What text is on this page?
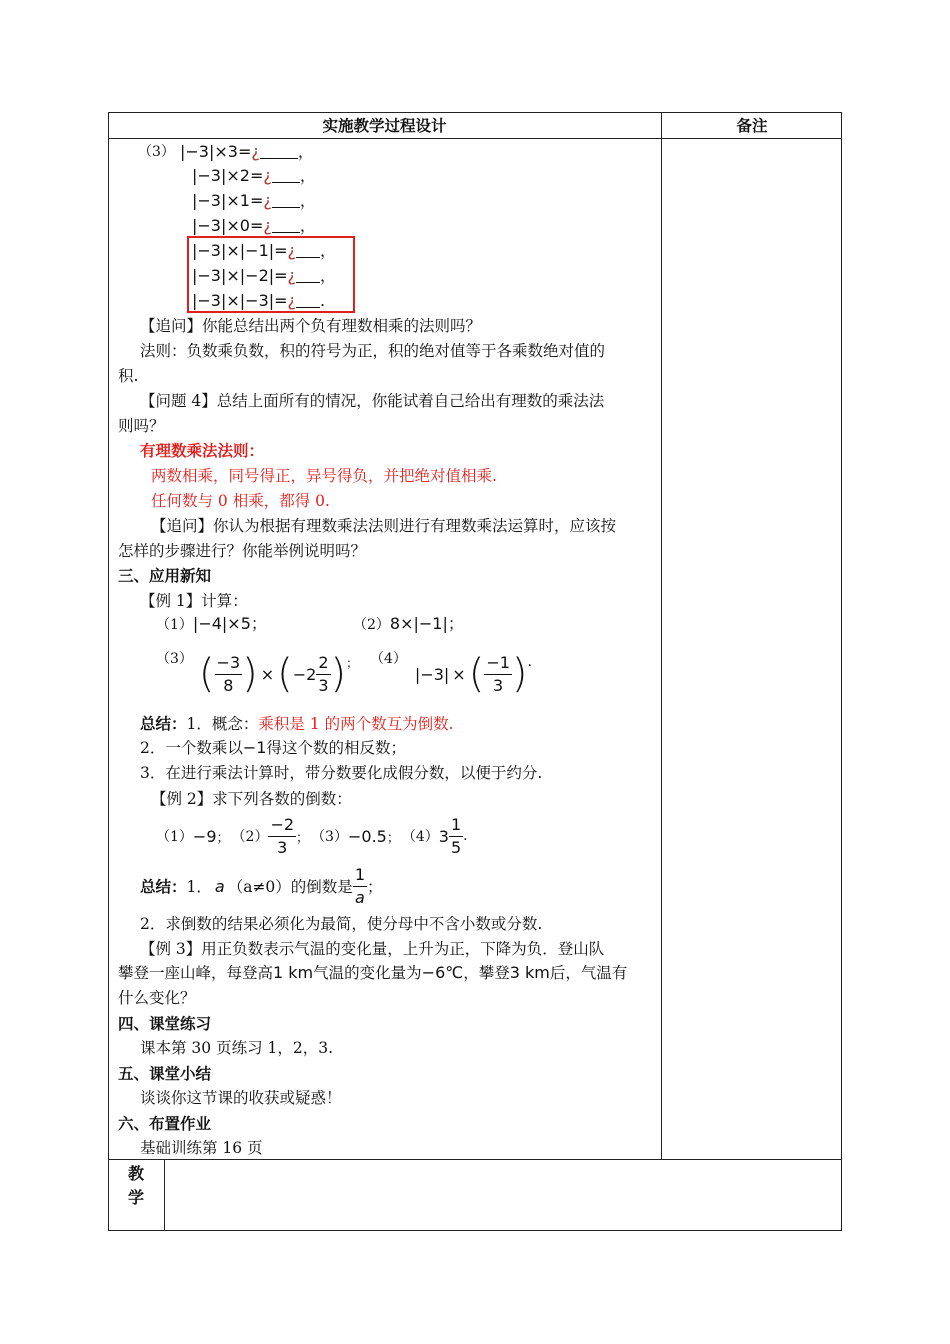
实施教学过程设计	备注
（3） |−3|×3=¿ ，
|−3|×2=¿ ，
|−3|×1=¿ ，
|−3|×0=¿ ，
|−3|×|−1|=¿ ，
|−3|×|−2|=¿ ，
|−3|×|−3|=¿ .
【追问】你能总结出两个负有理数相乘的法则吗？
法则：负数乘负数，积的符号为正，积的绝对值等于各乘数绝对值的
积.
【问题 4】总结上面所有的情况，你能试着自己给出有理数的乘法法
则吗？
有理数乘法法则：
两数相乘，同号得正，异号得负，并把绝对值相乘.
任何数与 0 相乘，都得 0.
【追问】你认为根据有理数乘法法则进行有理数乘法运算时，应该按
怎样的步骤进行？你能举例说明吗？
三、应用新知
【例 1】计算：
（1）|−4|×5；	（2）8×|−1|；
（3） ( $\frac{-3}{8}$ ) × ( $-2 \frac{2}{3}$ ) ； （4）
|−3| × ( $\frac{-1}{3}$ ) .
总结：1．概念：乘积是 1 的两个数互为倒数.
2．一个数乘以−1得这个数的相反数；
3．在进行乘法计算时，带分数要化成假分数，以便于约分.
【例 2】求下列各数的倒数：
（1） −9 ； $(2) \frac{-2}{3}$ ； （3） −0.5 ； （4） $3 \frac{1}{5}$ .
总结： 1． a （a≠0） 的倒数是 $\frac{1}{a}$ ；
2．求倒数的结果必须化为最简，使分母中不含小数或分数.
【例 3】用正负数表示气温的变化量，上升为正，下降为负．登山队
攀登一座山峰，每登高1 km气温的变化量为−6℃，攀登3 km后，气温有
什么变化？
四、课堂练习
课本第 30 页练习 1，2，3.
五、课堂小结
谈谈你这节课的收获或疑惑！
六、布置作业
基础训练第 16 页
教
学
